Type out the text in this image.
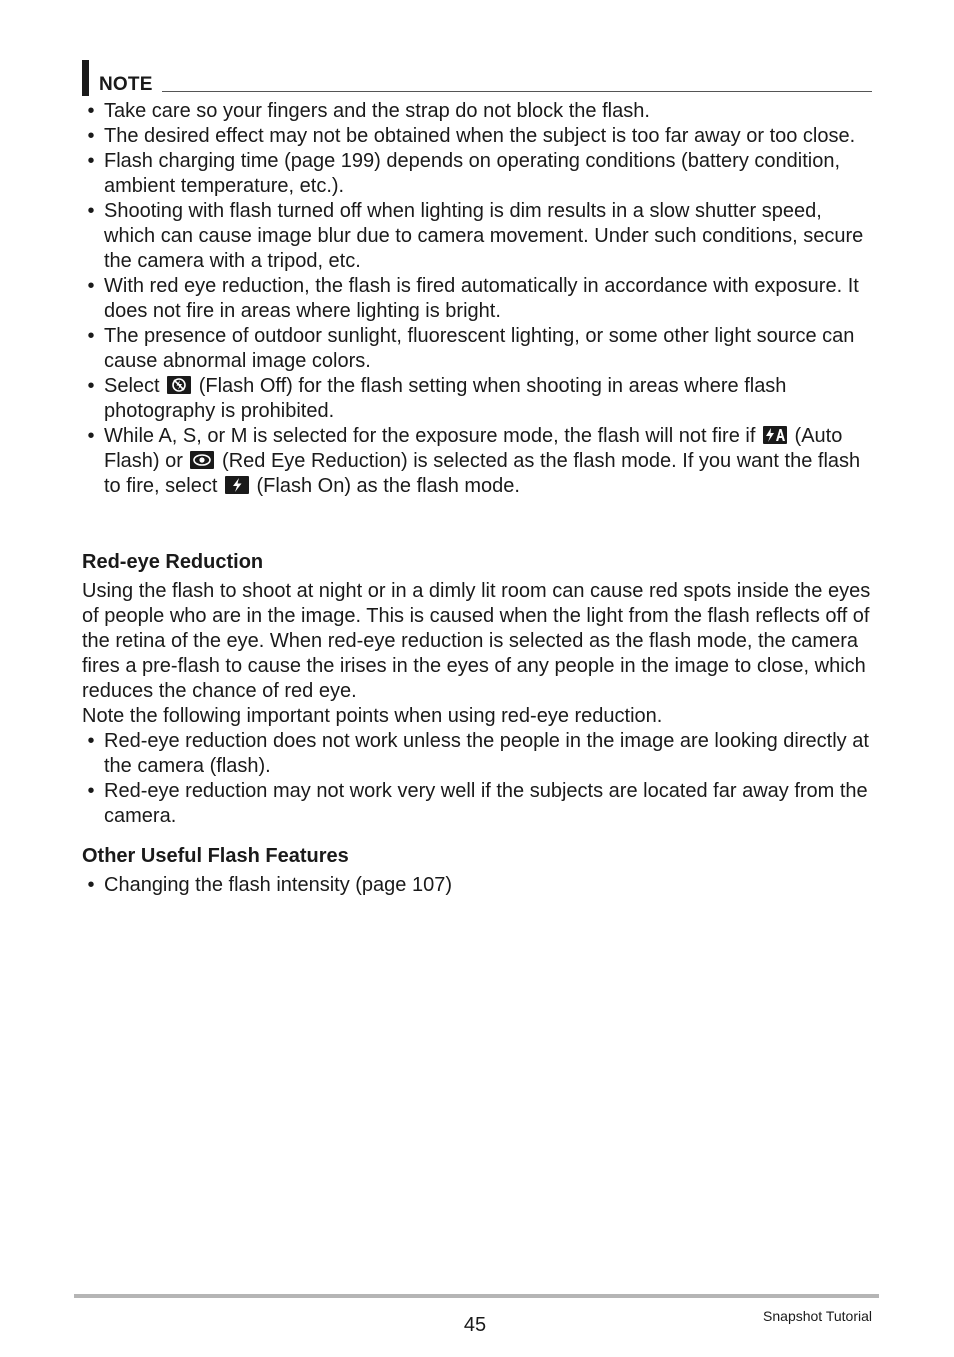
NOTE
• Take care so your fingers and the strap do not block the flash.
• The desired effect may not be obtained when the subject is too far away or too close.
• Flash charging time (page 199) depends on operating conditions (battery condition, ambient temperature, etc.).
• Shooting with flash turned off when lighting is dim results in a slow shutter speed, which can cause image blur due to camera movement. Under such conditions, secure the camera with a tripod, etc.
• With red eye reduction, the flash is fired automatically in accordance with exposure. It does not fire in areas where lighting is bright.
• The presence of outdoor sunlight, fluorescent lighting, or some other light source can cause abnormal image colors.
• Select (Flash Off) for the flash setting when shooting in areas where flash photography is prohibited.
• While A, S, or M is selected for the exposure mode, the flash will not fire if (Auto Flash) or (Red Eye Reduction) is selected as the flash mode. If you want the flash to fire, select (Flash On) as the flash mode.
Red-eye Reduction

Using the flash to shoot at night or in a dimly lit room can cause red spots inside the eyes of people who are in the image. This is caused when the light from the flash reflects off of the retina of the eye. When red-eye reduction is selected as the flash mode, the camera fires a pre-flash to cause the irises in the eyes of any people in the image to close, which reduces the chance of red eye.

Note the following important points when using red-eye reduction.

• Red-eye reduction does not work unless the people in the image are looking directly at the camera (flash).
• Red-eye reduction may not work very well if the subjects are located far away from the camera.
Other Useful Flash Features
• Changing the flash intensity (page 107)
45	Snapshot Tutorial
